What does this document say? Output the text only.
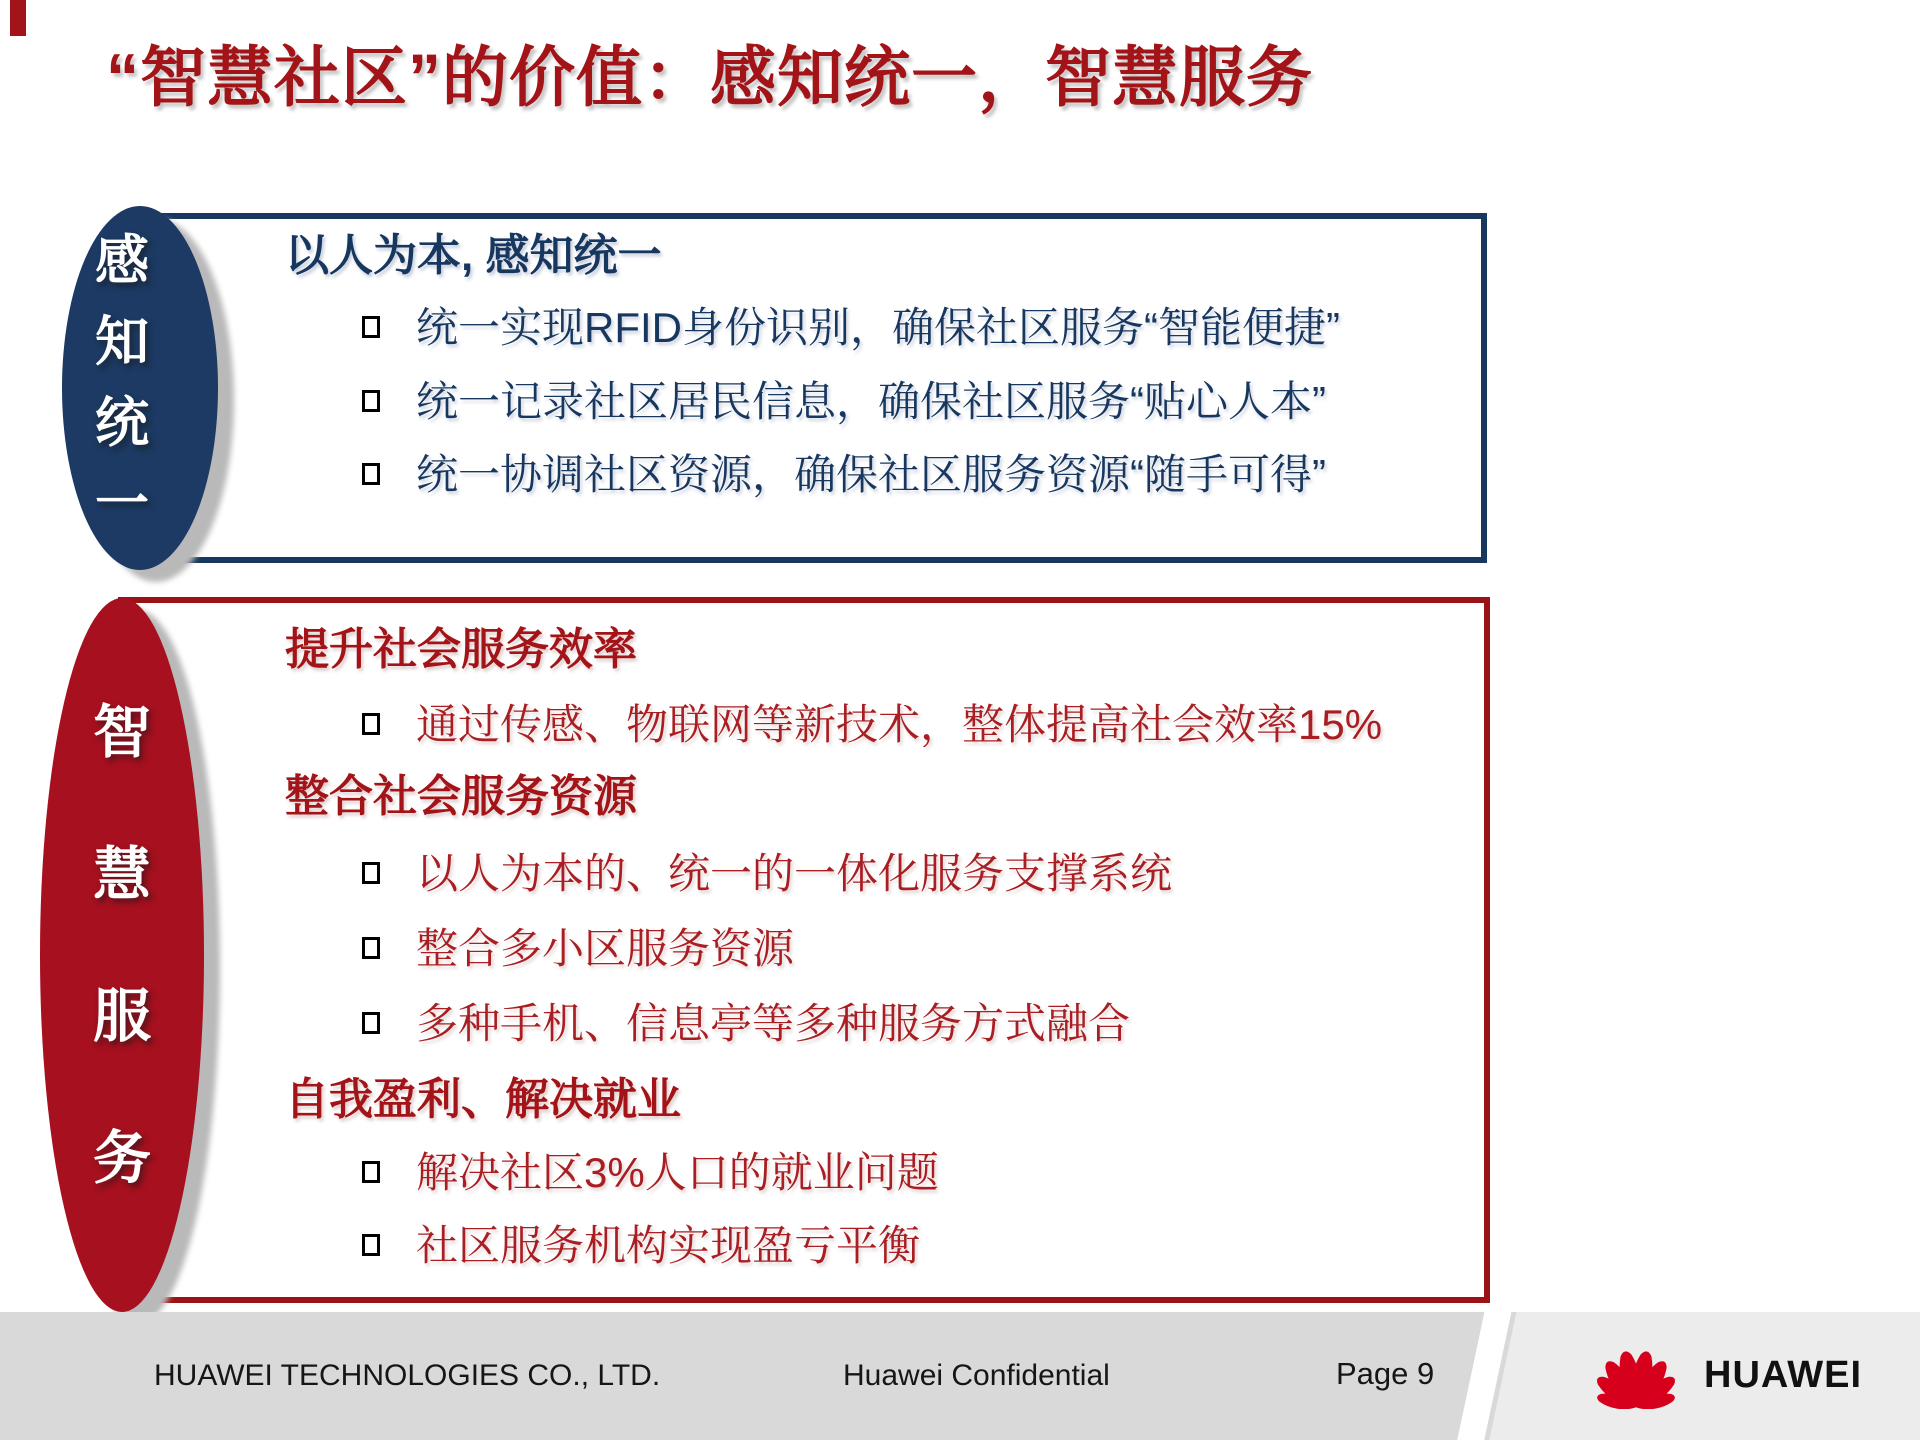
“智慧社区”的价值：感知统一，智慧服务
感
知
统
一
以人为本, 感知统一
统一实现RFID身份识别，确保社区服务“智能便捷”
统一记录社区居民信息，确保社区服务“贴心人本”
统一协调社区资源，确保社区服务资源“随手可得”
智
慧
服
务
提升社会服务效率
通过传感、物联网等新技术，整体提高社会效率15%
整合社会服务资源
以人为本的、统一的一体化服务支撑系统
整合多小区服务资源
多种手机、信息亭等多种服务方式融合
自我盈利、解决就业
解决社区3%人口的就业问题
社区服务机构实现盈亏平衡
HUAWEI TECHNOLOGIES CO., LTD.	Huawei Confidential	Page 9	HUAWEI
